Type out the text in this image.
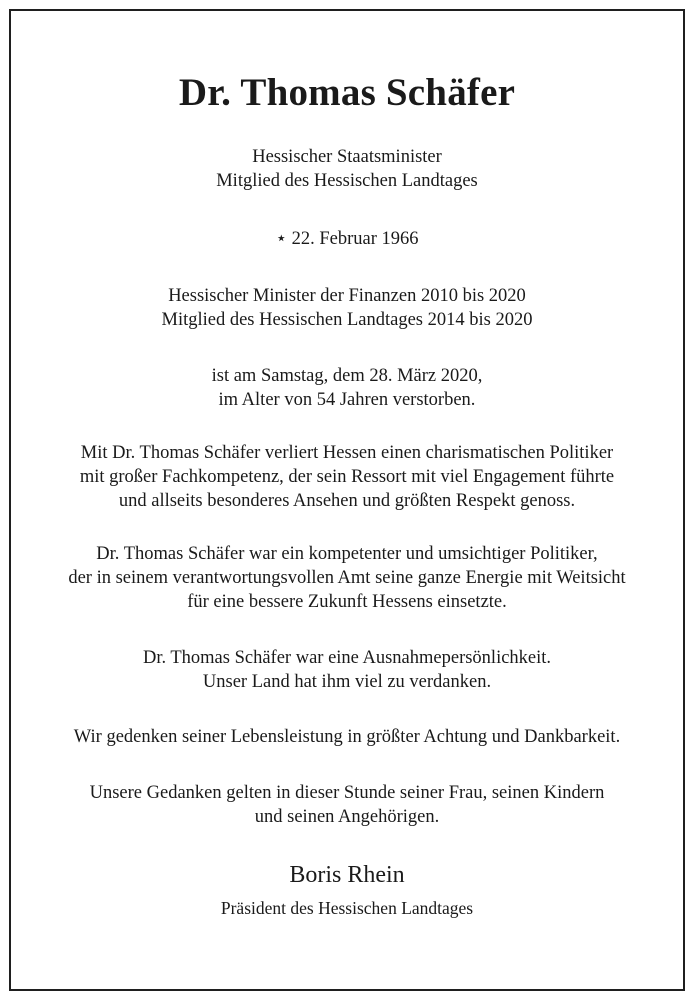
Dr. Thomas Schäfer
Hessischer Staatsminister
Mitglied des Hessischen Landtages
⋆ 22. Februar 1966
Hessischer Minister der Finanzen 2010 bis 2020
Mitglied des Hessischen Landtages 2014 bis 2020
ist am Samstag, dem 28. März 2020,
im Alter von 54 Jahren verstorben.
Mit Dr. Thomas Schäfer verliert Hessen einen charismatischen Politiker
mit großer Fachkompetenz, der sein Ressort mit viel Engagement führte
und allseits besonderes Ansehen und größten Respekt genoss.
Dr. Thomas Schäfer war ein kompetenter und umsichtiger Politiker,
der in seinem verantwortungsvollen Amt seine ganze Energie mit Weitsicht
für eine bessere Zukunft Hessens einsetzte.
Dr. Thomas Schäfer war eine Ausnahmepersönlichkeit.
Unser Land hat ihm viel zu verdanken.
Wir gedenken seiner Lebensleistung in größter Achtung und Dankbarkeit.
Unsere Gedanken gelten in dieser Stunde seiner Frau, seinen Kindern
und seinen Angehörigen.
Boris Rhein
Präsident des Hessischen Landtages
